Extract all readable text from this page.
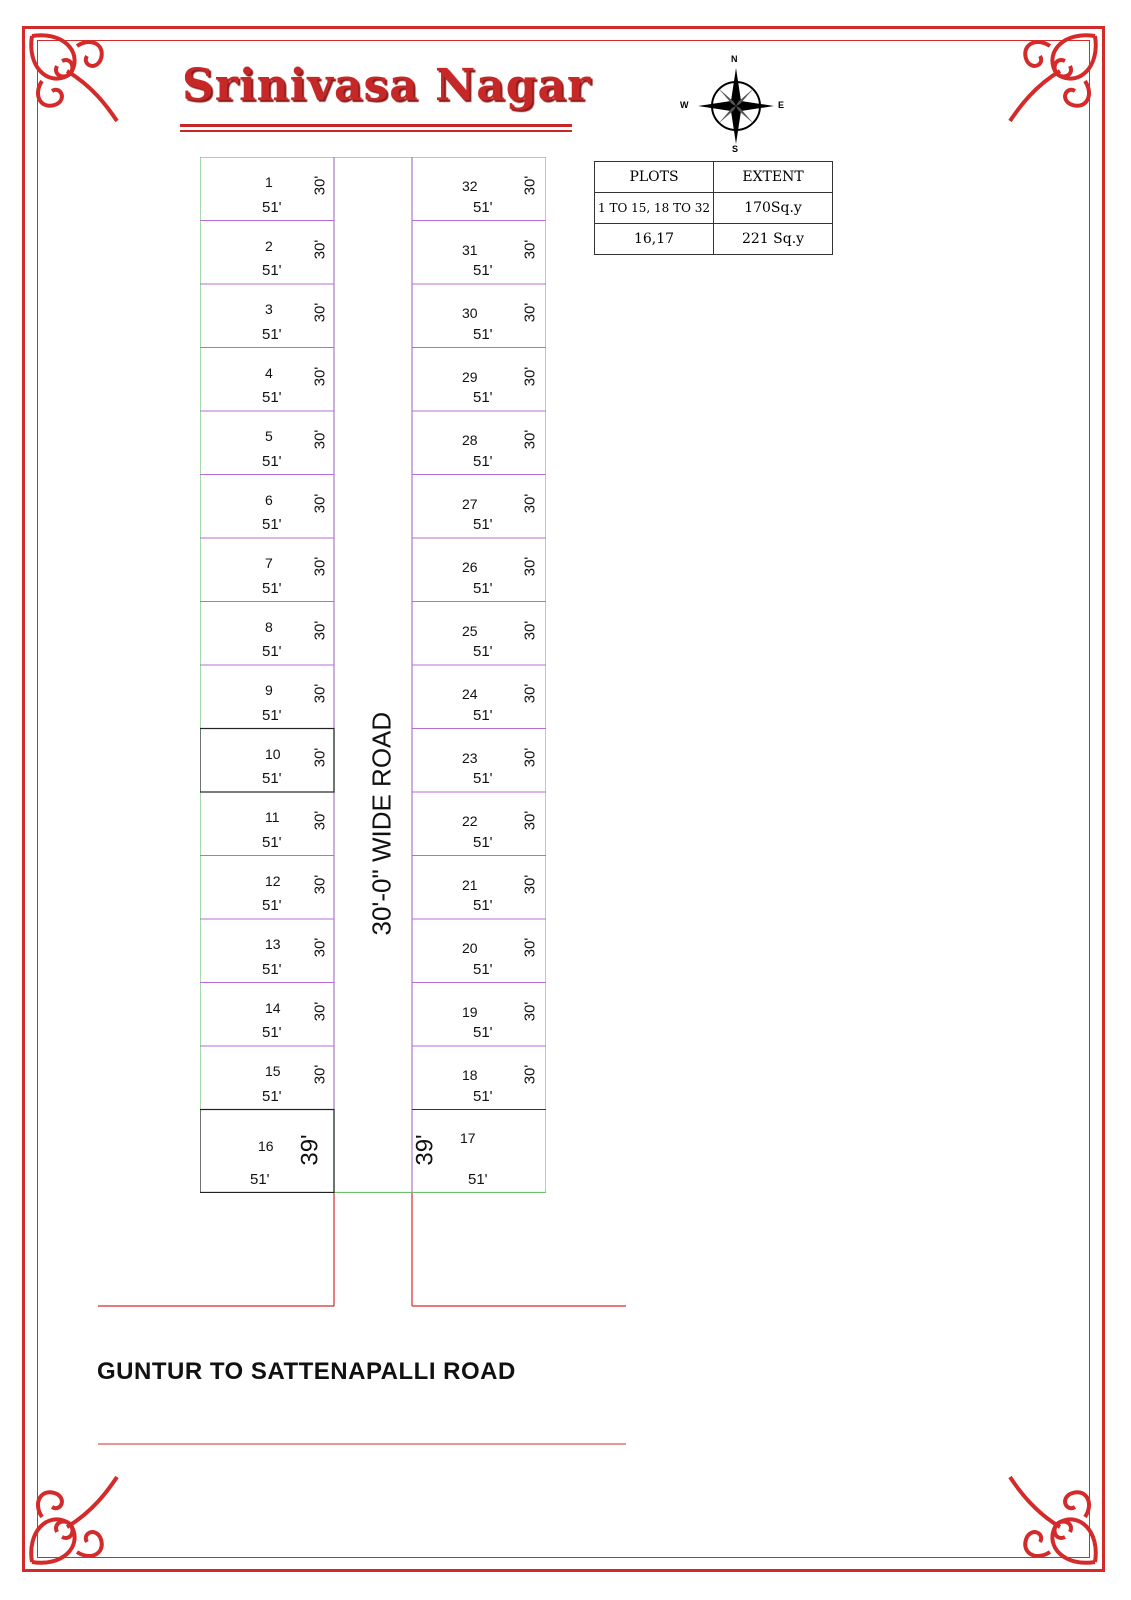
Srinivasa Nagar
N
S
E
W
PLOTS	EXTENT
1 TO 15, 18 TO 32	170Sq.y
16,17	221 Sq.y
1
51'
30'	32
51'
30'
2
51'
30'	31
51'
30'
3
51'
30'	30
51'
30'
4
51'
30'	29
51'
30'
5
51'
30'	28
51'
30'
6
51'
30'	27
51'
30'
7
51'
30'	26
51'
30'
8
51'
30'	25
51'
30'
9
51'
30'	24
51'
30'
10
51'
30'	23
51'
30'
11
51'
30'	22
51'
30'
12
51'
30'	21
51'
30'
13
51'
30'	20
51'
30'
14
51'
30'	19
51'
30'
15
51'
30'	18
51'
30'
16
51'
39'	17
51'
39'
30'-0" WIDE ROAD
GUNTUR TO SATTENAPALLI ROAD
